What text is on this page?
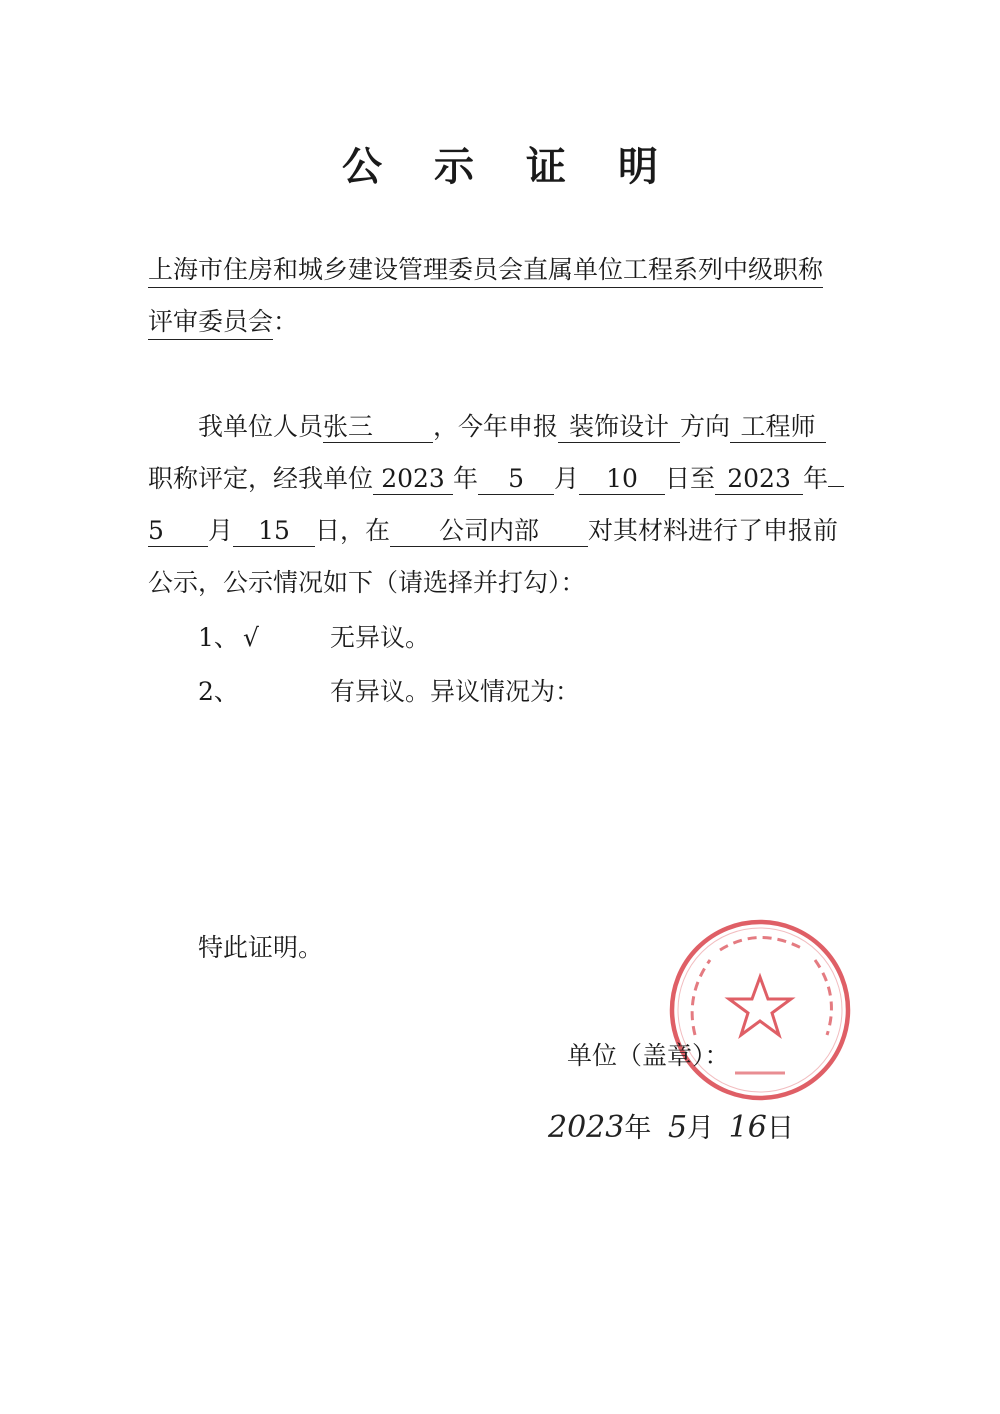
公示证明
上海市住房和城乡建设管理委员会直属单位工程系列中级职称
评审委员会：
我单位人员张三 ，今年申报 装饰设计 方向 工程师
职称评定，经我单位 2023 年 5 月 10 日至 2023 年
5 月 15 日，在 公司内部 对其材料进行了申报前
公示，公示情况如下（请选择并打勾）：
1、 √	无异议。
2、	有异议。异议情况为：
特此证明。
单位（盖章）：
2023年 5月 16日
